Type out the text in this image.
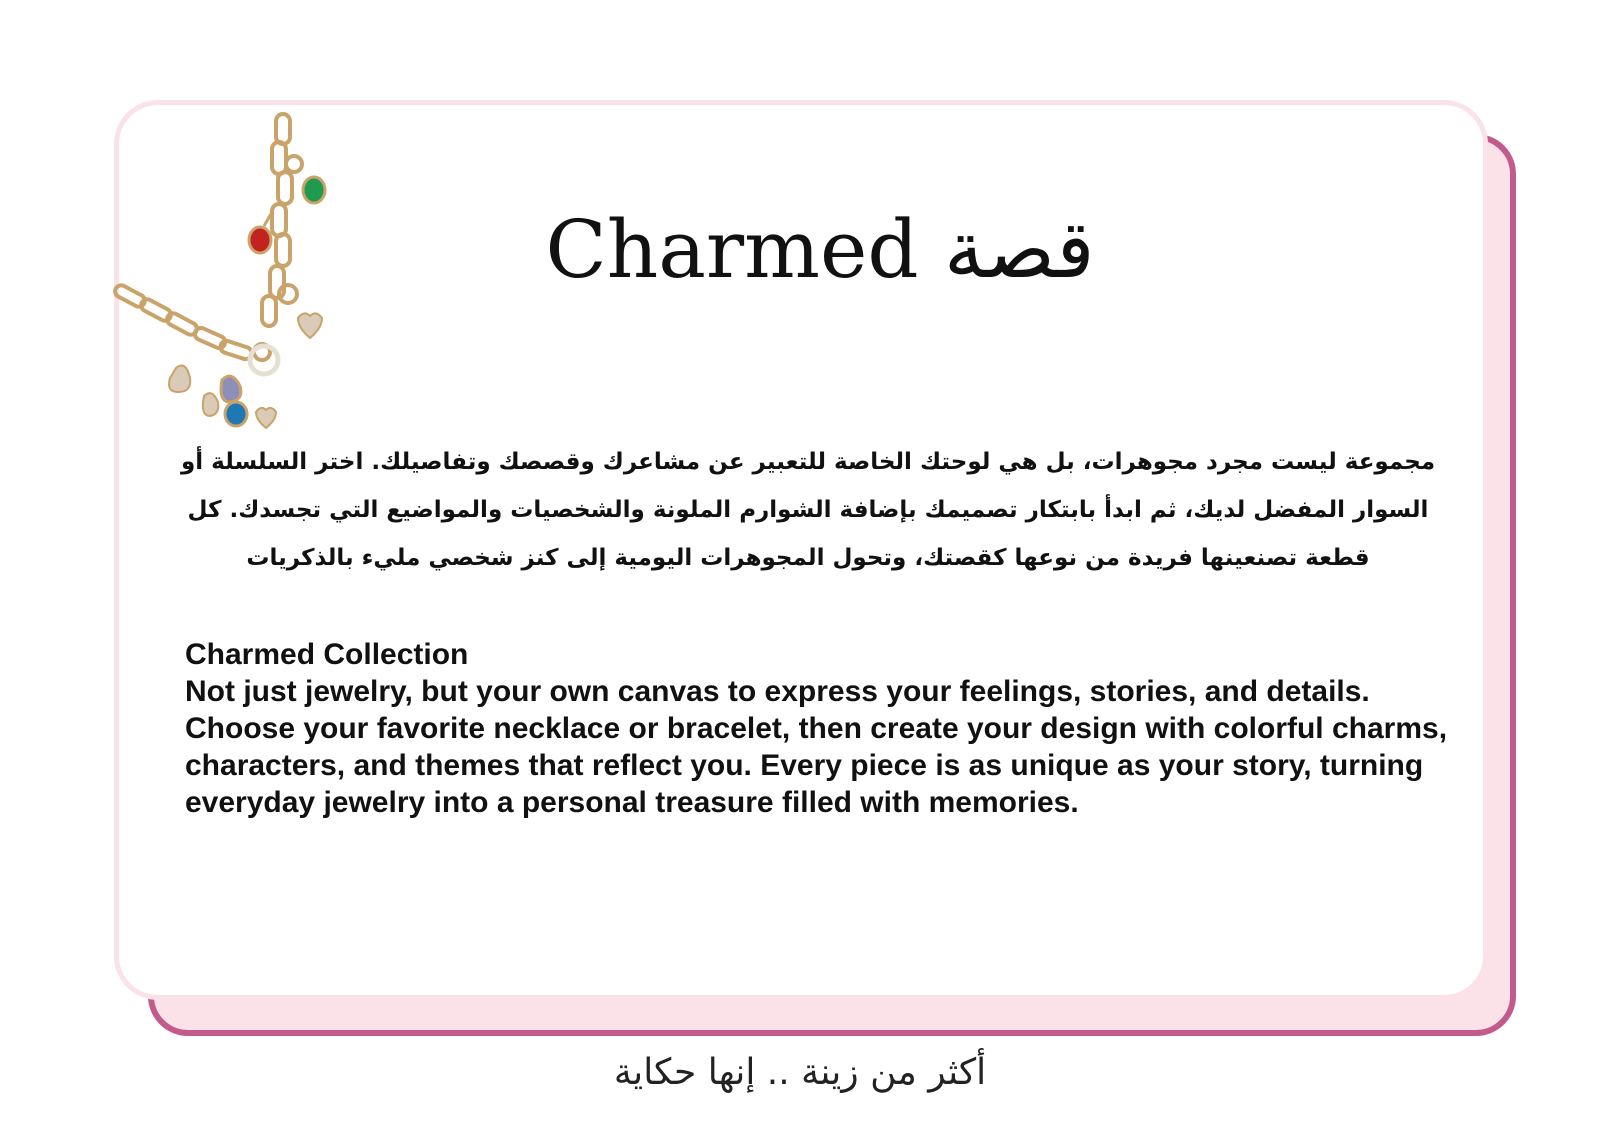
Charmed قصة

مجموعة ليست مجرد مجوهرات، بل هي لوحتك الخاصة للتعبير عن مشاعرك وقصصك وتفاصيلك. اختر السلسلة أو السوار المفضل لديك، ثم ابدأ بابتكار تصميمك بإضافة الشوارم الملونة والشخصيات والمواضيع التي تجسدك. كل قطعة تصنعينها فريدة من نوعها كقصتك، وتحول المجوهرات اليومية إلى كنز شخصي مليء بالذكريات

Charmed Collection

Not just jewelry, but your own canvas to express your feelings, stories, and details. Choose your favorite necklace or bracelet, then create your design with colorful charms, characters, and themes that reflect you. Every piece is as unique as your story, turning everyday jewelry into a personal treasure filled with memories.

أكثر من زينة .. إنها حكاية
